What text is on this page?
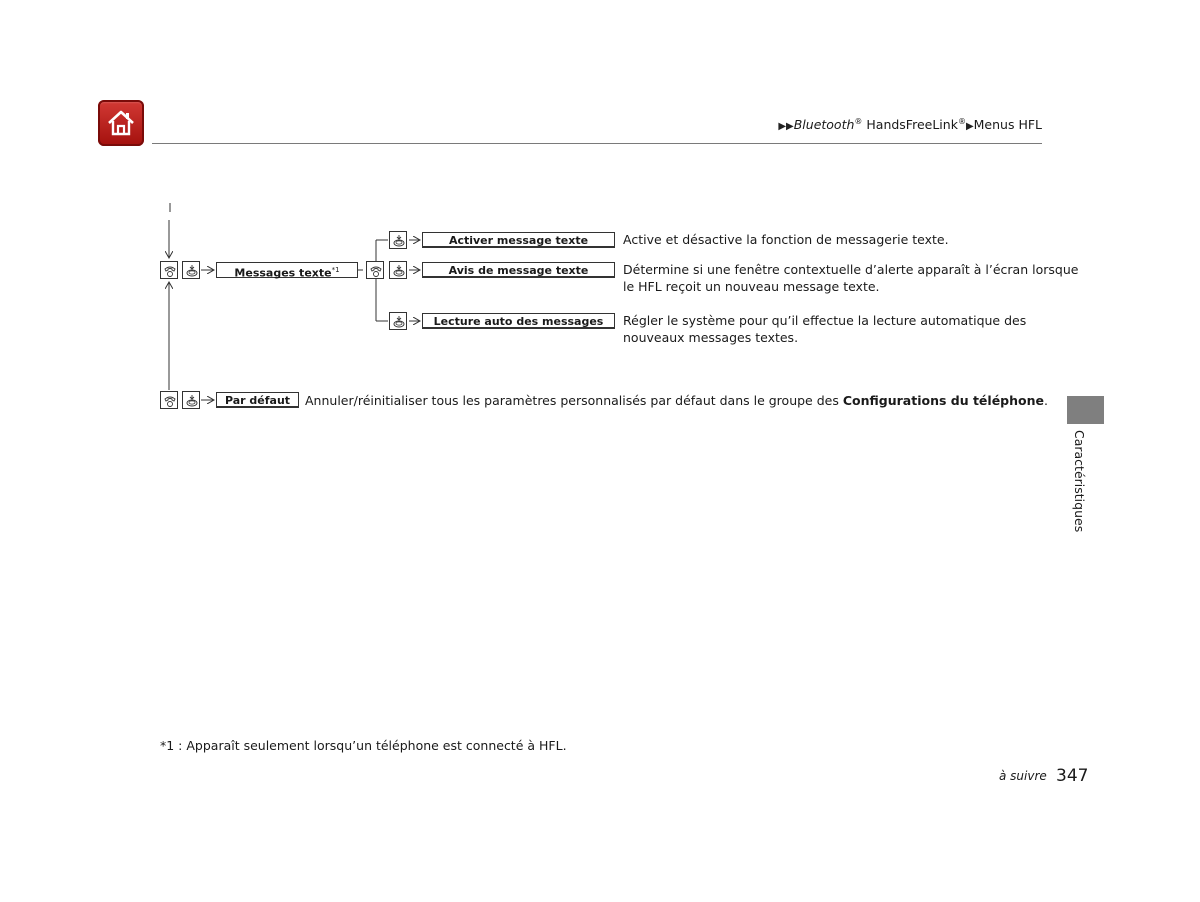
▶▶Bluetooth® HandsFreeLink®▶Menus HFL
Messages texte$^{*1}$
Activer message texte	Active et désactive la fonction de messagerie texte.
Avis de message texte	Détermine si une fenêtre contextuelle d’alerte apparaît à l’écran lorsque
le HFL reçoit un nouveau message texte.
Lecture auto des messages	Régler le système pour qu’il effectue la lecture automatique des
nouveaux messages textes.
Par défaut	Annuler/réinitialiser tous les paramètres personnalisés par défaut dans le groupe des Configurations du téléphone.
Caractéristiques
*1 : Apparaît seulement lorsqu’un téléphone est connecté à HFL.
à suivre 347
